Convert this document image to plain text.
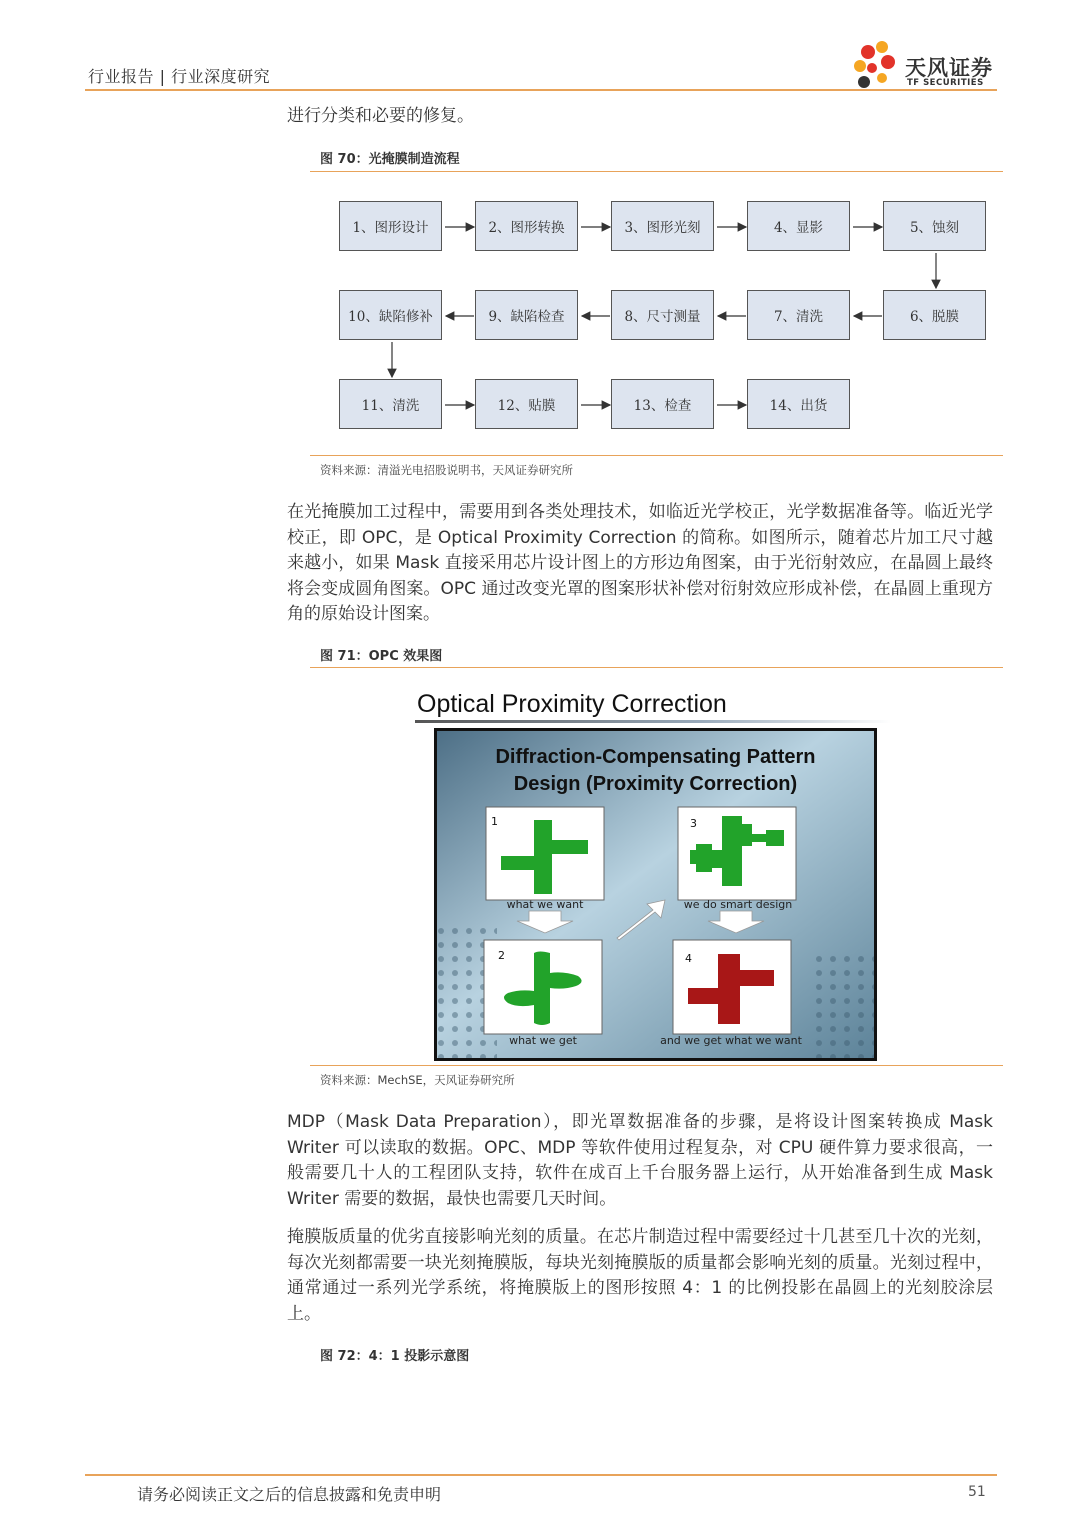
行业报告 | 行业深度研究	天风证券
TF SECURITIES
进行分类和必要的修复。
图 70：光掩膜制造流程
1、图形设计	2、图形转换	3、图形光刻	4、显影	5、蚀刻
6、脱膜
7、清洗
8、尺寸测量
9、缺陷检查
10、缺陷修补
11、清洗	12、贴膜	13、检查	14、出货
资料来源：清溢光电招股说明书，天风证券研究所
在光掩膜加工过程中，需要用到各类处理技术，如临近光学校正，光学数据准备等。临近光学校正，即 OPC，是 Optical Proximity Correction 的简称。如图所示，随着芯片加工尺寸越来越小，如果 Mask 直接采用芯片设计图上的方形边角图案，由于光衍射效应，在晶圆上最终将会变成圆角图案。OPC 通过改变光罩的图案形状补偿对衍射效应形成补偿，在晶圆上重现方角的原始设计图案。
图 71：OPC 效果图
Optical Proximity Correction
Diffraction-Compensating Pattern
Design (Proximity Correction)
1
what we want
3
we do smart design
2
what we get
4
and we get what we want
资料来源：MechSE，天风证券研究所
MDP（Mask Data Preparation），即光罩数据准备的步骤，是将设计图案转换成 Mask Writer 可以读取的数据。OPC、MDP 等软件使用过程复杂，对 CPU 硬件算力要求很高，一般需要几十人的工程团队支持，软件在成百上千台服务器上运行，从开始准备到生成 Mask Writer 需要的数据，最快也需要几天时间。
掩膜版质量的优劣直接影响光刻的质量。在芯片制造过程中需要经过十几甚至几十次的光刻，每次光刻都需要一块光刻掩膜版，每块光刻掩膜版的质量都会影响光刻的质量。光刻过程中，通常通过一系列光学系统，将掩膜版上的图形按照 4：1 的比例投影在晶圆上的光刻胶涂层上。
图 72：4：1 投影示意图
请务必阅读正文之后的信息披露和免责申明	51
